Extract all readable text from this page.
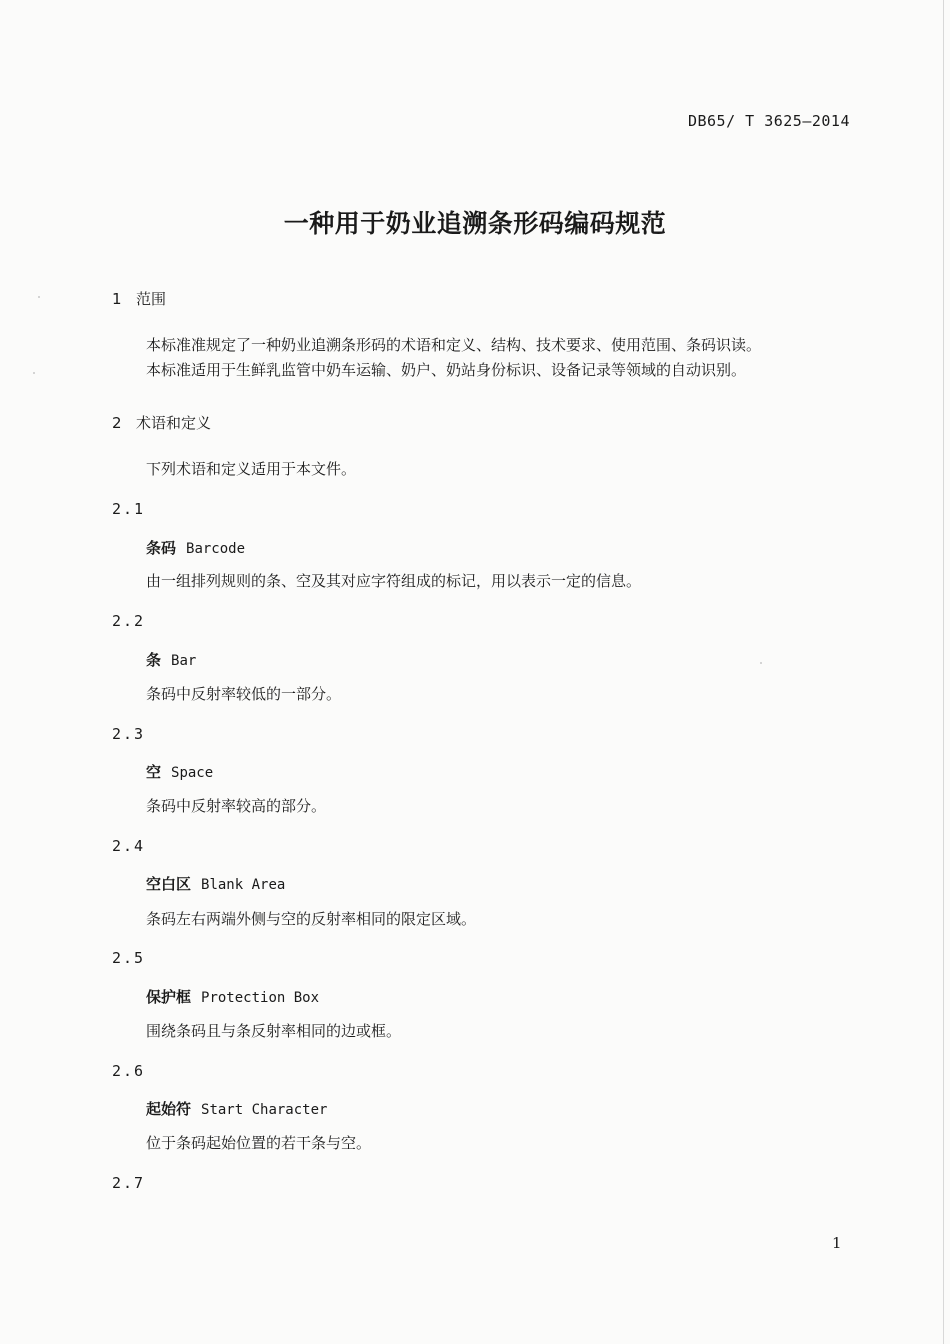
DB65/ T 3625—2014
一种用于奶业追溯条形码编码规范
1 范围
本标准准规定了一种奶业追溯条形码的术语和定义、结构、技术要求、使用范围、条码识读。
本标准适用于生鲜乳监管中奶车运输、奶户、奶站身份标识、设备记录等领域的自动识别。
2 术语和定义
下列术语和定义适用于本文件。
2.1
条码 Barcode
由一组排列规则的条、空及其对应字符组成的标记，用以表示一定的信息。
2.2
条 Bar
条码中反射率较低的一部分。
2.3
空 Space
条码中反射率较高的部分。
2.4
空白区 Blank Area
条码左右两端外侧与空的反射率相同的限定区域。
2.5
保护框 Protection Box
围绕条码且与条反射率相同的边或框。
2.6
起始符 Start Character
位于条码起始位置的若干条与空。
2.7
1
